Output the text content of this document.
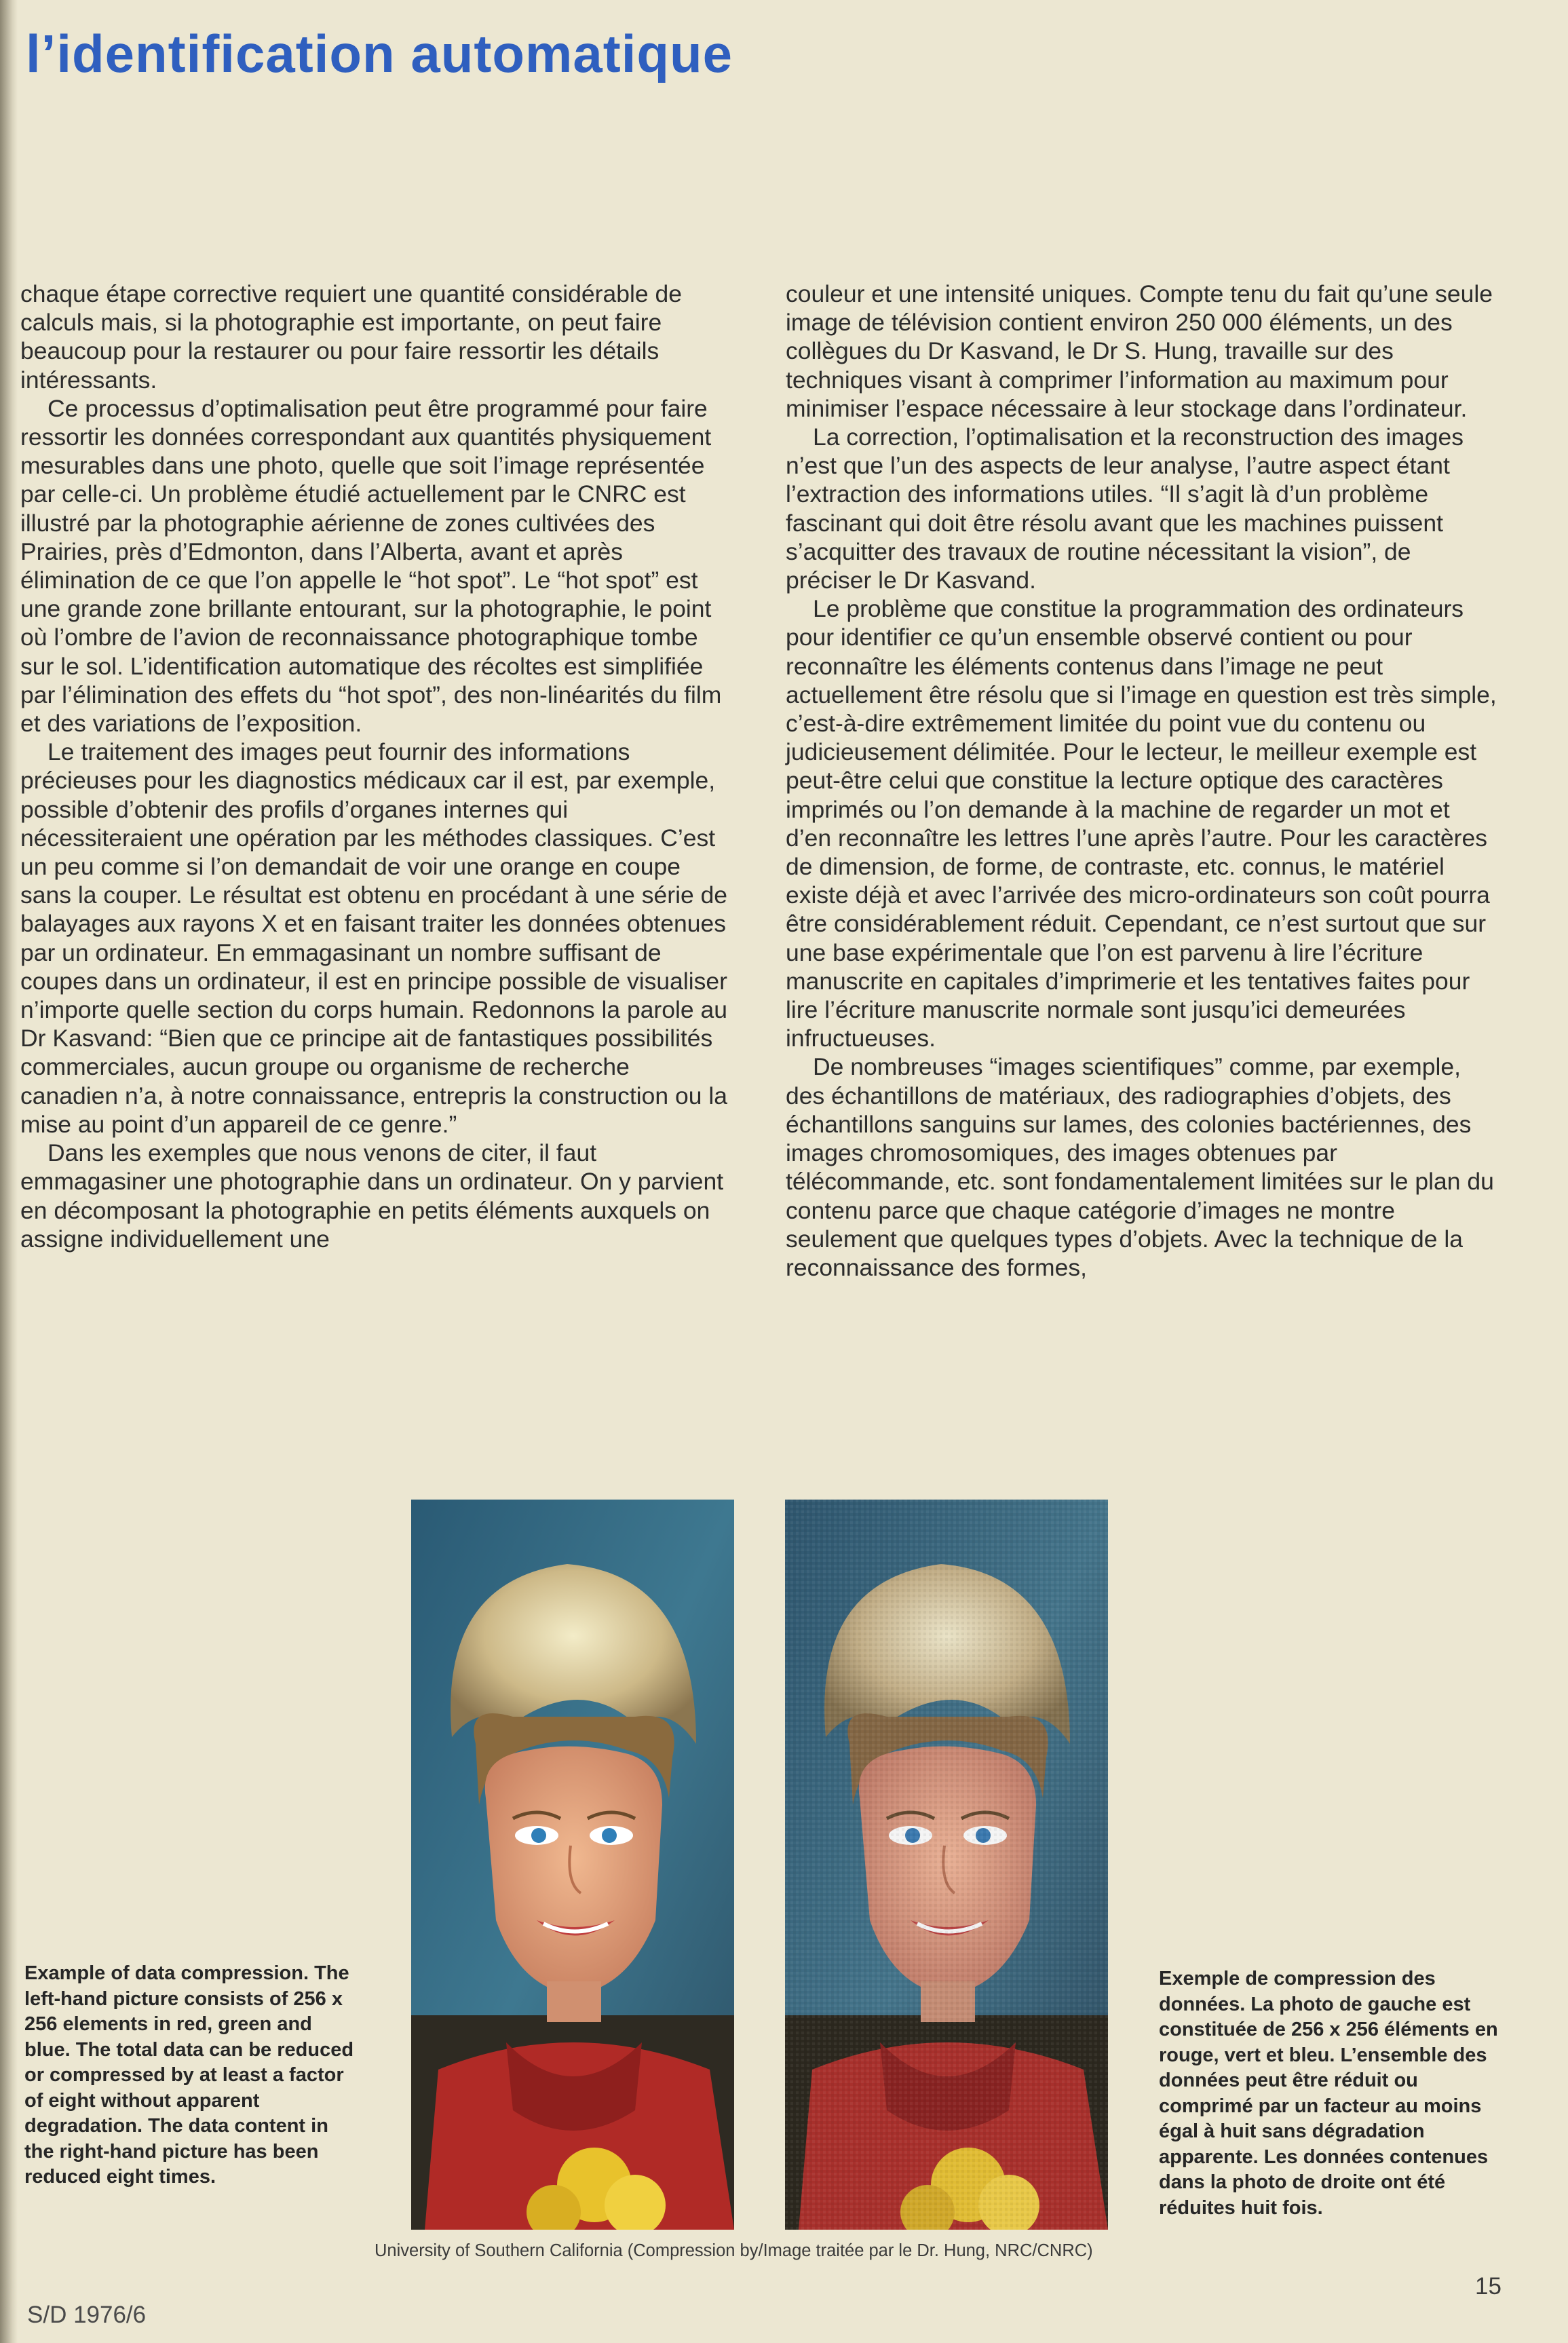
l’identification automatique

chaque étape corrective requiert une quantité considérable de calculs mais, si la photographie est importante, on peut faire beaucoup pour la restaurer ou pour faire ressortir les détails intéressants.

Ce processus d’optimalisation peut être programmé pour faire ressortir les données correspondant aux quantités physiquement mesurables dans une photo, quelle que soit l’image représentée par celle-ci. Un problème étudié actuellement par le CNRC est illustré par la photographie aérienne de zones cultivées des Prairies, près d’Edmonton, dans l’Alberta, avant et après élimination de ce que l’on appelle le “hot spot”. Le “hot spot” est une grande zone brillante entourant, sur la photographie, le point où l’ombre de l’avion de reconnaissance photographique tombe sur le sol. L’identification automatique des récoltes est simplifiée par l’élimination des effets du “hot spot”, des non-linéarités du film et des variations de l’exposition.

Le traitement des images peut fournir des informations précieuses pour les diagnostics médicaux car il est, par exemple, possible d’obtenir des profils d’organes internes qui nécessiteraient une opération par les méthodes classiques. C’est un peu comme si l’on demandait de voir une orange en coupe sans la couper. Le résultat est obtenu en procédant à une série de balayages aux rayons X et en faisant traiter les données obtenues par un ordinateur. En emmagasinant un nombre suffisant de coupes dans un ordinateur, il est en principe possible de visualiser n’importe quelle section du corps humain. Redonnons la parole au Dr Kasvand: “Bien que ce principe ait de fantastiques possibilités commerciales, aucun groupe ou organisme de recherche canadien n’a, à notre connaissance, entrepris la construction ou la mise au point d’un appareil de ce genre.”

Dans les exemples que nous venons de citer, il faut emmagasiner une photographie dans un ordinateur. On y parvient en décomposant la photographie en petits éléments auxquels on assigne individuellement une

couleur et une intensité uniques. Compte tenu du fait qu’une seule image de télévision contient environ 250 000 éléments, un des collègues du Dr Kasvand, le Dr S. Hung, travaille sur des techniques visant à comprimer l’information au maximum pour minimiser l’espace nécessaire à leur stockage dans l’ordinateur.

La correction, l’optimalisation et la reconstruction des images n’est que l’un des aspects de leur analyse, l’autre aspect étant l’extraction des informations utiles. “Il s’agit là d’un problème fascinant qui doit être résolu avant que les machines puissent s’acquitter des travaux de routine nécessitant la vision”, de préciser le Dr Kasvand.

Le problème que constitue la programmation des ordinateurs pour identifier ce qu’un ensemble observé contient ou pour reconnaître les éléments contenus dans l’image ne peut actuellement être résolu que si l’image en question est très simple, c’est-à-dire extrêmement limitée du point vue du contenu ou judicieusement délimitée. Pour le lecteur, le meilleur exemple est peut-être celui que constitue la lecture optique des caractères imprimés ou l’on demande à la machine de regarder un mot et d’en reconnaître les lettres l’une après l’autre. Pour les caractères de dimension, de forme, de contraste, etc. connus, le matériel existe déjà et avec l’arrivée des micro-ordinateurs son coût pourra être considérablement réduit. Cependant, ce n’est surtout que sur une base expérimentale que l’on est parvenu à lire l’écriture manuscrite en capitales d’imprimerie et les tentatives faites pour lire l’écriture manuscrite normale sont jusqu’ici demeurées infructueuses.

De nombreuses “images scientifiques” comme, par exemple, des échantillons de matériaux, des radiographies d’objets, des échantillons sanguins sur lames, des colonies bactériennes, des images chromosomiques, des images obtenues par télécommande, etc. sont fondamentalement limitées sur le plan du contenu parce que chaque catégorie d’images ne montre seulement que quelques types d’objets. Avec la technique de la reconnaissance des formes,

Example of data compression. The left-hand picture consists of 256 x 256 elements in red, green and blue. The total data can be reduced or compressed by at least a factor of eight without apparent degradation. The data content in the right-hand picture has been reduced eight times.
Exemple de compression des données. La photo de gauche est constituée de 256 x 256 éléments en rouge, vert et bleu. L’ensemble des données peut être réduit ou comprimé par un facteur au moins égal à huit sans dégradation apparente. Les données contenues dans la photo de droite ont été réduites huit fois.
University of Southern California (Compression by/Image traitée par le Dr. Hung, NRC/CNRC)
S/D 1976/6
15
